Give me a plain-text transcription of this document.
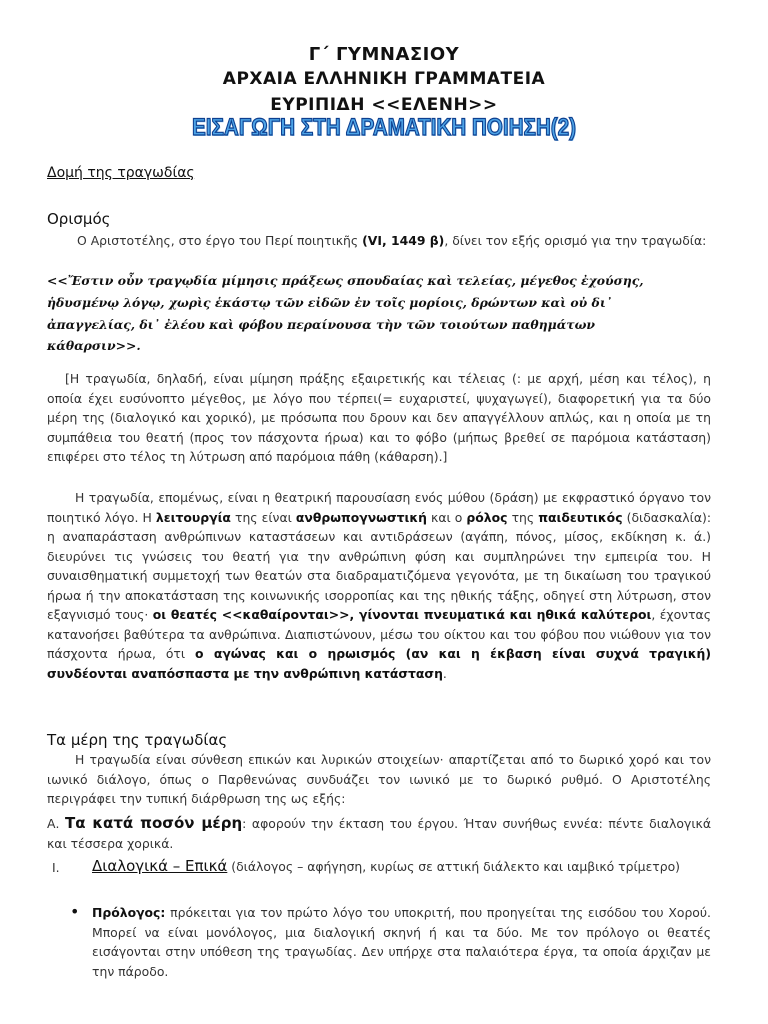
Γ΄ ΓΥΜΝΑΣΙΟΥ
ΑΡΧΑΙΑ ΕΛΛΗΝΙΚΗ ΓΡΑΜΜΑΤΕΙΑ
ΕΥΡΙΠΙΔΗ <<ΕΛΕΝΗ>>
ΕΙΣΑΓΩΓΗ ΣΤΗ ΔΡΑΜΑΤΙΚΗ ΠΟΙΗΣΗ(2)
Δομή της τραγωδίας
Ορισμός

Ο Αριστοτέλης, στο έργο του Περί ποιητικῆς (VI, 1449 β), δίνει τον εξής ορισμό για την τραγωδία:

<<Ἔστιν οὖν τραγῳδία μίμησις πράξεως σπουδαίας καὶ τελείας, μέγεθος ἐχούσης,

ἡδυσμένῳ λόγῳ, χωρὶς ἑκάστῳ τῶν εἰδῶν ἐν τοῖς μορίοις, δρώντων καὶ οὐ δι᾿

ἀπαγγελίας, δι᾿ ἐλέου καὶ φόβου περαίνουσα τὴν τῶν τοιούτων παθημάτων

κάθαρσιν>>.

[Η τραγωδία, δηλαδή, είναι μίμηση πράξης εξαιρετικής και τέλειας (: με αρχή, μέση και τέλος), η οποία έχει ευσύνοπτο μέγεθος, με λόγο που τέρπει(= ευχαριστεί, ψυχαγωγεί), διαφορετική για τα δύο μέρη της (διαλογικό και χορικό), με πρόσωπα που δρουν και δεν απαγγέλλουν απλώς, και η οποία με τη συμπάθεια του θεατή (προς τον πάσχοντα ήρωα) και το φόβο (μήπως βρεθεί σε παρόμοια κατάσταση) επιφέρει στο τέλος τη λύτρωση από παρόμοια πάθη (κάθαρση).]

Η τραγωδία, επομένως, είναι η θεατρική παρουσίαση ενός μύθου (δράση) με εκφραστικό όργανο τον ποιητικό λόγο. Η λειτουργία της είναι ανθρωπογνωστική και ο ρόλος της παιδευτικός (διδασκαλία): η αναπαράσταση ανθρώπινων καταστάσεων και αντιδράσεων (αγάπη, πόνος, μίσος, εκδίκηση κ. ά.) διευρύνει τις γνώσεις του θεατή για την ανθρώπινη φύση και συμπληρώνει την εμπειρία του. Η συναισθηματική συμμετοχή των θεατών στα διαδραματιζόμενα γεγονότα, με τη δικαίωση του τραγικού ήρωα ή την αποκατάσταση της κοινωνικής ισορροπίας και της ηθικής τάξης, οδηγεί στη λύτρωση, στον εξαγνισμό τους· οι θεατές <<καθαίρονται>>, γίνονται πνευματικά και ηθικά καλύτεροι, έχοντας κατανοήσει βαθύτερα τα ανθρώπινα. Διαπιστώνουν, μέσω του οίκτου και του φόβου που νιώθουν για τον πάσχοντα ήρωα, ότι ο αγώνας και ο ηρωισμός (αν και η έκβαση είναι συχνά τραγική) συνδέονται αναπόσπαστα με την ανθρώπινη κατάσταση.

Τα μέρη της τραγωδίας

Η τραγωδία είναι σύνθεση επικών και λυρικών στοιχείων· απαρτίζεται από το δωρικό χορό και τον ιωνικό διάλογο, όπως ο Παρθενώνας συνδυάζει τον ιωνικό με το δωρικό ρυθμό. Ο Αριστοτέλης περιγράφει την τυπική διάρθρωση της ως εξής:

Α. Τα κατά ποσόν μέρη: αφορούν την έκταση του έργου. Ήταν συνήθως εννέα: πέντε διαλογικά και τέσσερα χορικά.

I. Διαλογικά – Επικά (διάλογος – αφήγηση, κυρίως σε αττική διάλεκτο και ιαμβικό τρίμετρο)

• Πρόλογος: πρόκειται για τον πρώτο λόγο του υποκριτή, που προηγείται της εισόδου του Χορού. Μπορεί να είναι μονόλογος, μια διαλογική σκηνή ή και τα δύο. Με τον πρόλογο οι θεατές εισάγονται στην υπόθεση της τραγωδίας. Δεν υπήρχε στα παλαιότερα έργα, τα οποία άρχιζαν με την πάροδο.
